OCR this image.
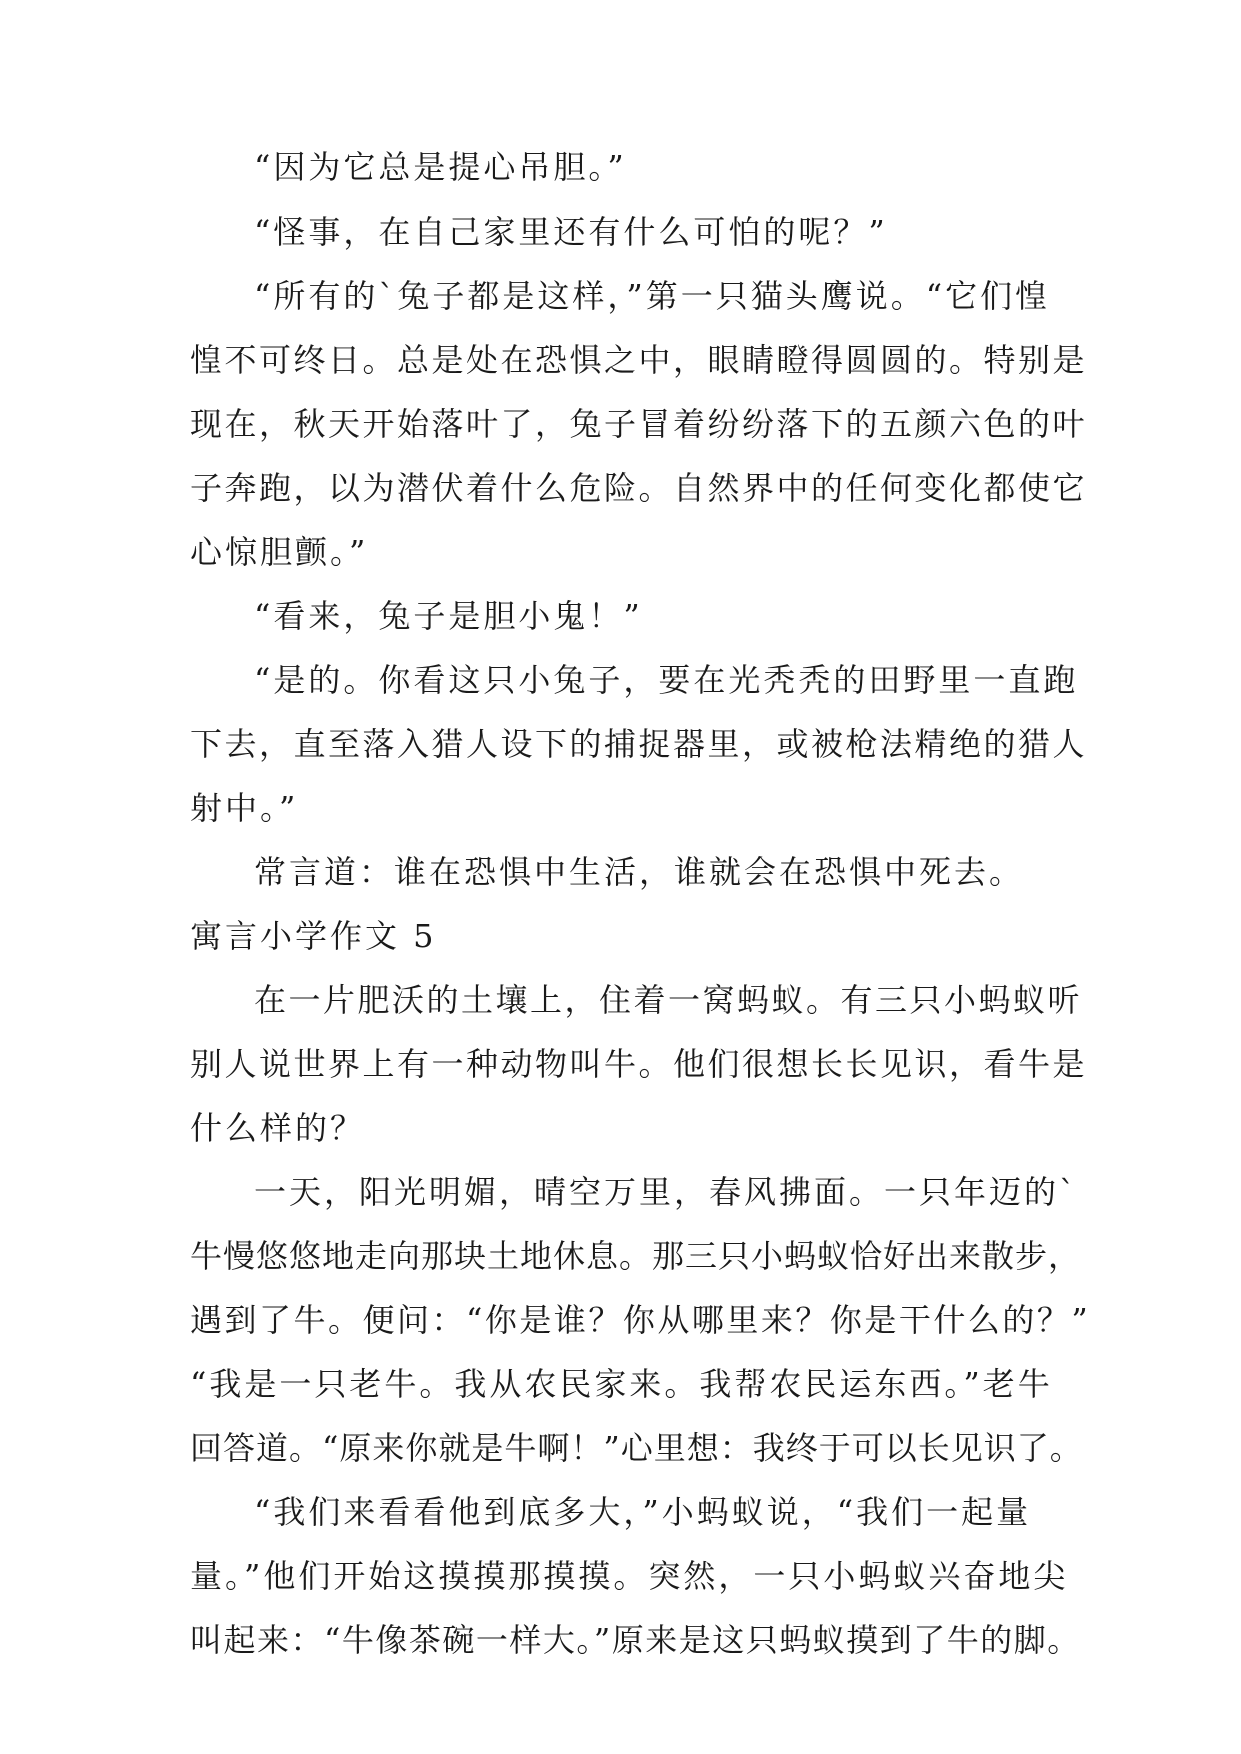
“因为它总是提心吊胆。”
“怪事，在自己家里还有什么可怕的呢？”
“所有的`兔子都是这样，”第一只猫头鹰说。“它们惶
惶不可终日。总是处在恐惧之中，眼睛瞪得圆圆的。特别是
现在，秋天开始落叶了，兔子冒着纷纷落下的五颜六色的叶
子奔跑，以为潜伏着什么危险。自然界中的任何变化都使它
心惊胆颤。”
“看来，兔子是胆小鬼！”
“是的。你看这只小兔子，要在光秃秃的田野里一直跑
下去，直至落入猎人设下的捕捉器里，或被枪法精绝的猎人
射中。”
常言道：谁在恐惧中生活，谁就会在恐惧中死去。
寓言小学作文 5
在一片肥沃的土壤上，住着一窝蚂蚁。有三只小蚂蚁听
别人说世界上有一种动物叫牛。他们很想长长见识，看牛是
什么样的？
一天，阳光明媚，晴空万里，春风拂面。一只年迈的`
牛慢悠悠地走向那块土地休息。那三只小蚂蚁恰好出来散步，
遇到了牛。便问：“你是谁？你从哪里来？你是干什么的？”
“我是一只老牛。我从农民家来。我帮农民运东西。”老牛
回答道。“原来你就是牛啊！”心里想：我终于可以长见识了。
“我们来看看他到底多大，”小蚂蚁说，“我们一起量
量。”他们开始这摸摸那摸摸。突然，一只小蚂蚁兴奋地尖
叫起来：“牛像茶碗一样大。”原来是这只蚂蚁摸到了牛的脚。
